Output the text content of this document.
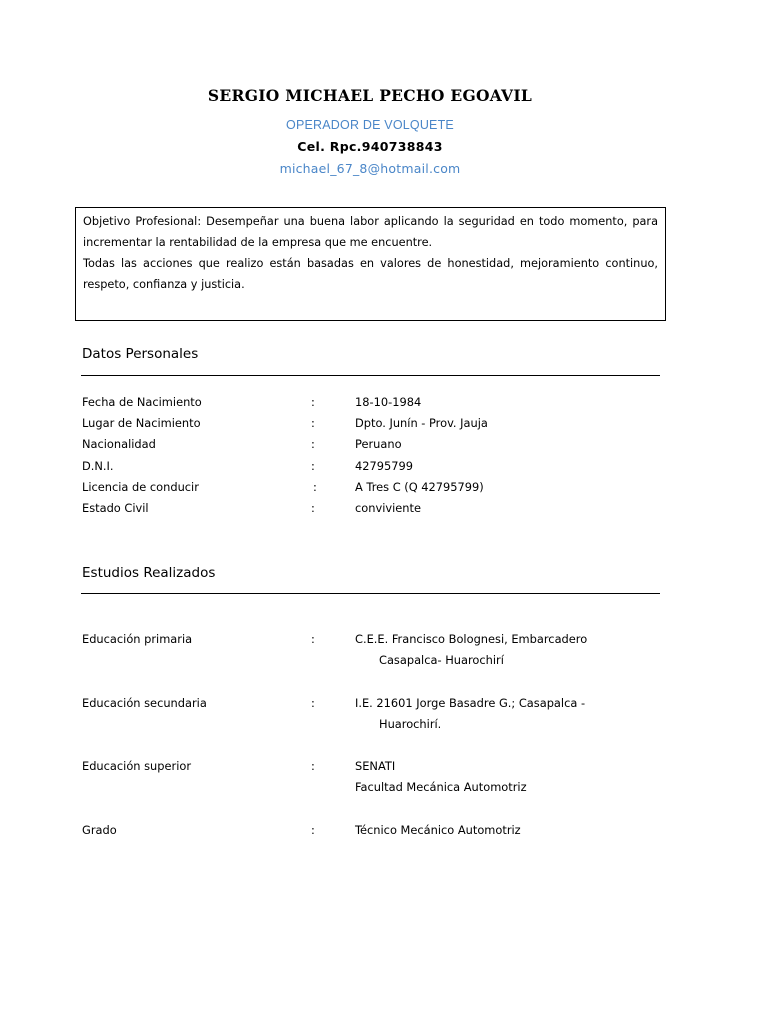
SERGIO MICHAEL PECHO EGOAVIL
OPERADOR DE VOLQUETE
Cel. Rpc.940738843
michael_67_8@hotmail.com

Objetivo Profesional: Desempeñar una buena labor aplicando la seguridad en todo momento, para incrementar la rentabilidad de la empresa que me encuentre.

Todas las acciones que realizo están basadas en valores de honestidad, mejoramiento continuo, respeto, confianza y justicia.

Datos Personales
Fecha de Nacimiento	:	18-10-1984
Lugar de Nacimiento	:	Dpto. Junín - Prov. Jauja
Nacionalidad	:	Peruano
D.N.I.	:	42795799
Licencia de conducir	:	A Tres C (Q 42795799)
Estado Civil	:	conviviente
Estudios Realizados
Educación primaria	:	C.E.E. Francisco Bolognesi, Embarcadero
Casapalca- Huarochirí
Educación secundaria	:	I.E. 21601 Jorge Basadre G.; Casapalca -
Huarochirí.
Educación superior	:	SENATI
Facultad Mecánica Automotriz
Grado	:	Técnico Mecánico Automotriz
